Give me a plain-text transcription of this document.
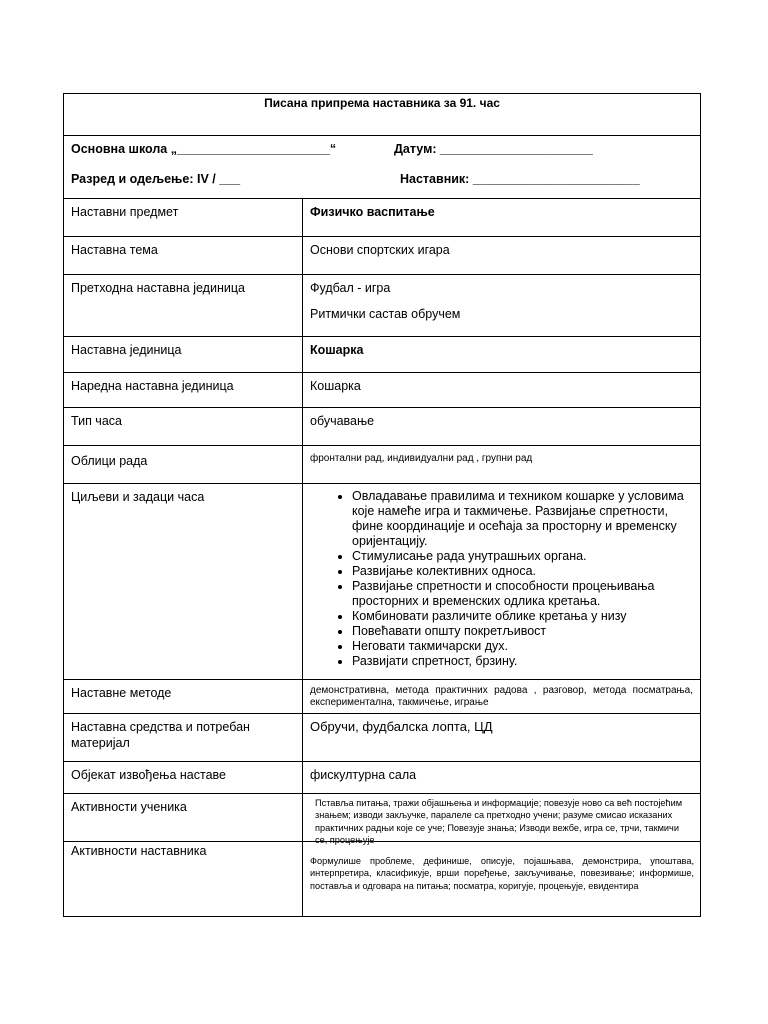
Писана припрема наставника за 91. час
Основна школа „______________________“	Датум: ______________________
Разред и одељење: IV / ___	Наставник: ________________________
Наставни предмет	Физичко васпитање
Наставна тема	Основи спортских игара
Претходна наставна јединица	Фудбал - игра
Ритмички састав обручем
Наставна јединица	Кошарка
Наредна наставна јединица	Кошарка
Тип часа	обучавање
Облици рада	фронтални рад, индивидуални рад , групни рад
Циљеви и задаци часа
•	Овладавање правилима и техником кошарке у условима које намеће игра и такмичење. Развијање спретности, фине координације и осећаја за просторну и временску оријентацију.
• Стимулисање рада унутрашњих органа.
• Развијање колективних односа.
• Развијање спретности и способности процењивања просторних и временских одлика кретања.
• Комбиновати различите облике кретања у низу
• Повећавати општу покретљивост
• Неговати такмичарски дух.
• Развијати спретност, брзину.
Наставне методе	демонстративна, метода практичних радова , разговор, метода посматрања, експериментална, такмичење, играње
Наставна средства и потребан материјал
Обручи, фудбалска лопта, ЦД
Објекат извођења наставе	фискултурна сала
Активности ученика	Пставља питања, тражи објашњења и информације; повезује ново са већ постојећим знањем; изводи закључке, паралеле са претходно учени; разуме смисао исказаних практичних радњи које се уче; Повезује знања; Изводи вежбе, игра се, трчи, такмичи се, процењује
Активности наставника
Формулише проблеме, дефинише, описује, појашњава, демонстрира, упоштава, интерпретира, класификује, врши поређење, закључивање, повезивање; информише, поставља и одговара на питања; посматра, коригује, процењује, евидентира
